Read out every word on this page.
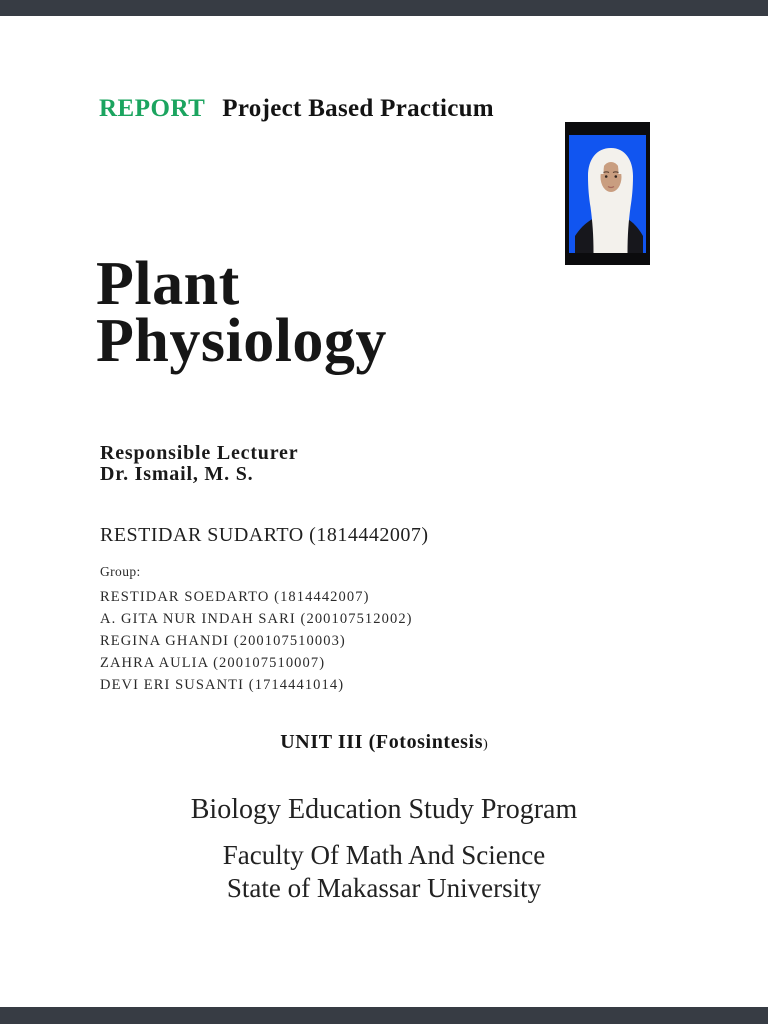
REPORT Project Based Practicum
Plant
Physiology
Responsible Lecturer
Dr. Ismail, M. S.
RESTIDAR SUDARTO (1814442007)
Group:
RESTIDAR SOEDARTO (1814442007)
A. GITA NUR INDAH SARI (200107512002)
REGINA GHANDI (200107510003)
ZAHRA AULIA (200107510007)
DEVI ERI SUSANTI (1714441014)
UNIT III (Fotosintesis)
Biology Education Study Program
Faculty Of Math And Science
State of Makassar University
